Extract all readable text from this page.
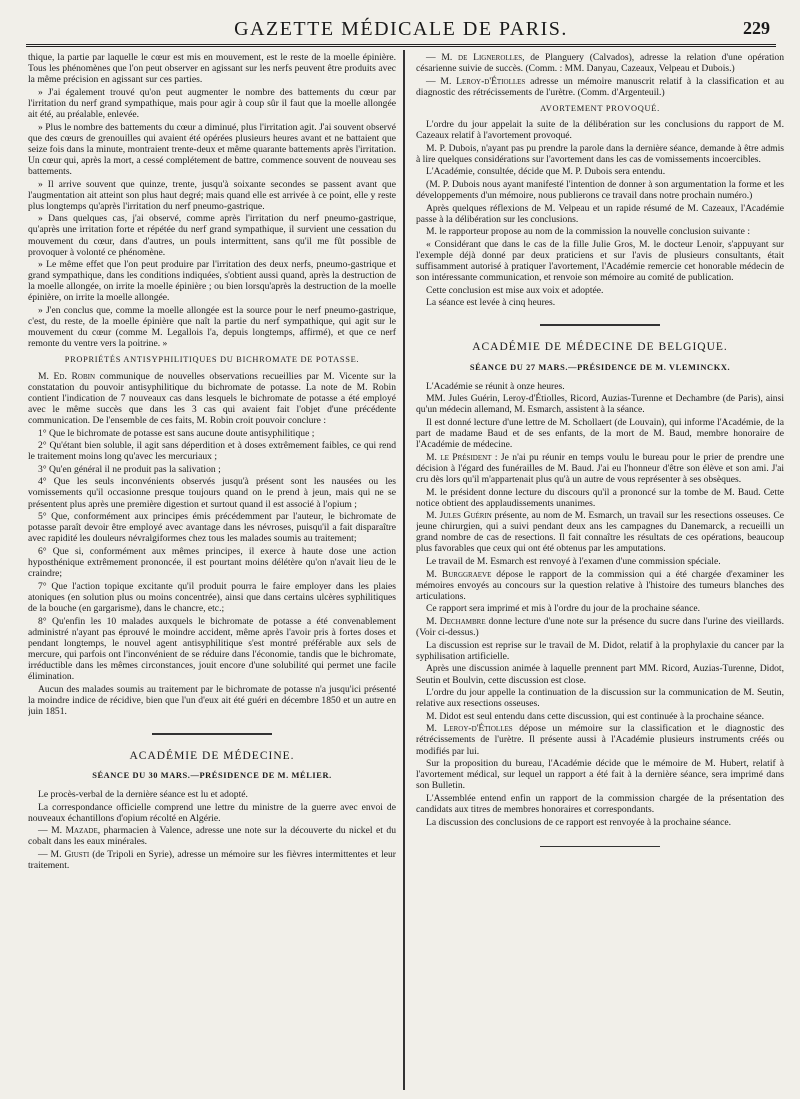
GAZETTE MÉDICALE DE PARIS.	229

thique, la partie par laquelle le cœur est mis en mouvement, est le reste de la moelle épinière. Tous les phénomènes que l'on peut observer en agissant sur les nerfs peuvent être produits avec la même précision en agissant sur ces parties.

» J'ai également trouvé qu'on peut augmenter le nombre des battements du cœur par l'irritation du nerf grand sympathique, mais pour agir à coup sûr il faut que la moelle allongée ait été, au préalable, enlevée.

» Plus le nombre des battements du cœur a diminué, plus l'irritation agit. J'ai souvent observé que des cœurs de grenouilles qui avaient été opérées plusieurs heures avant et ne battaient que seize fois dans la minute, montraient trente-deux et même quarante battements après l'irritation. Un cœur qui, après la mort, a cessé complétement de battre, commence souvent de nouveau ses battements.

» Il arrive souvent que quinze, trente, jusqu'à soixante secondes se passent avant que l'augmentation ait atteint son plus haut degré; mais quand elle est arrivée à ce point, elle y reste plus longtemps qu'après l'irritation du nerf pneumo-gastrique.

» Dans quelques cas, j'ai observé, comme après l'irritation du nerf pneumo-gastrique, qu'après une irritation forte et répétée du nerf grand sympathique, il survient une cessation du mouvement du cœur, dans d'autres, un pouls intermittent, sans qu'il me fût possible de provoquer à volonté ce phénomène.

» Le même effet que l'on peut produire par l'irritation des deux nerfs, pneumo-gastrique et grand sympathique, dans les conditions indiquées, s'obtient aussi quand, après la destruction de la moelle allongée, on irrite la moelle épinière ; ou bien lorsqu'après la destruction de la moelle épinière, on irrite la moelle allongée.

» J'en conclus que, comme la moelle allongée est la source pour le nerf pneumo-gastrique, c'est, du reste, de la moelle épinière que naît la partie du nerf sympathique, qui agit sur le mouvement du cœur (comme M. Legallois l'a, depuis longtemps, affirmé), et que ce nerf remonte du ventre vers la poitrine. »

PROPRIÉTÉS ANTISYPHILITIQUES DU BICHROMATE DE POTASSE.

M. Ed. Robin communique de nouvelles observations recueillies par M. Vicente sur la constatation du pouvoir antisyphilitique du bichromate de potasse. La note de M. Robin contient l'indication de 7 nouveaux cas dans lesquels le bichromate de potasse a été employé avec le même succès que dans les 3 cas qui avaient fait l'objet d'une précédente communication. De l'ensemble de ces faits, M. Robin croit pouvoir conclure :

1° Que le bichromate de potasse est sans aucune doute antisyphilitique ;

2° Qu'étant bien soluble, il agit sans déperdition et à doses extrêmement faibles, ce qui rend le traitement moins long qu'avec les mercuriaux ;

3° Qu'en général il ne produit pas la salivation ;

4° Que les seuls inconvénients observés jusqu'à présent sont les nausées ou les vomissements qu'il occasionne presque toujours quand on le prend à jeun, mais qui ne se présentent plus après une première digestion et surtout quand il est associé à l'opium ;

5° Que, conformément aux principes émis précédemment par l'auteur, le bichromate de potasse paraît devoir être employé avec avantage dans les névroses, puisqu'il a fait disparaître avec rapidité les douleurs névralgiformes chez tous les malades soumis au traitement;

6° Que si, conformément aux mêmes principes, il exerce à haute dose une action hyposthénique extrêmement prononcée, il est pourtant moins délétère qu'on n'avait lieu de le craindre;

7° Que l'action topique excitante qu'il produit pourra le faire employer dans les plaies atoniques (en solution plus ou moins concentrée), ainsi que dans certains ulcères syphilitiques de la bouche (en gargarisme), dans le chancre, etc.;

8° Qu'enfin les 10 malades auxquels le bichromate de potasse a été convenablement administré n'ayant pas éprouvé le moindre accident, même après l'avoir pris à fortes doses et pendant longtemps, le nouvel agent antisyphilitique s'est montré préférable aux sels de mercure, qui parfois ont l'inconvénient de se réduire dans l'économie, tandis que le bichromate, irréductible dans les mêmes circonstances, jouit encore d'une solubilité qui permet une facile élimination.

Aucun des malades soumis au traitement par le bichromate de potasse n'a jusqu'ici présenté la moindre indice de récidive, bien que l'un d'eux ait été guéri en décembre 1850 et un autre en juin 1851.

ACADÉMIE DE MÉDECINE.
SÉANCE DU 30 MARS.—PRÉSIDENCE DE M. MÉLIER.

Le procès-verbal de la dernière séance est lu et adopté.

La correspondance officielle comprend une lettre du ministre de la guerre avec envoi de nouveaux échantillons d'opium récolté en Algérie.

— M. Mazade, pharmacien à Valence, adresse une note sur la découverte du nickel et du cobalt dans les eaux minérales.

— M. Giusti (de Tripoli en Syrie), adresse un mémoire sur les fièvres intermittentes et leur traitement.

— M. de Lignerolles, de Planguery (Calvados), adresse la relation d'une opération césarienne suivie de succès. (Comm. : MM. Danyau, Cazeaux, Velpeau et Dubois.)

— M. Leroy-d'Étiolles adresse un mémoire manuscrit relatif à la classification et au diagnostic des rétrécissements de l'urètre. (Comm. d'Argenteuil.)

AVORTEMENT PROVOQUÉ.

L'ordre du jour appelait la suite de la délibération sur les conclusions du rapport de M. Cazeaux relatif à l'avortement provoqué.

M. P. Dubois, n'ayant pas pu prendre la parole dans la dernière séance, demande à être admis à lire quelques considérations sur l'avortement dans les cas de vomissements incoercibles.

L'Académie, consultée, décide que M. P. Dubois sera entendu.

(M. P. Dubois nous ayant manifesté l'intention de donner à son argumentation la forme et les développements d'un mémoire, nous publierons ce travail dans notre prochain numéro.)

Après quelques réflexions de M. Velpeau et un rapide résumé de M. Cazeaux, l'Académie passe à la délibération sur les conclusions.

M. le rapporteur propose au nom de la commission la nouvelle conclusion suivante :

« Considérant que dans le cas de la fille Julie Gros, M. le docteur Lenoir, s'appuyant sur l'exemple déjà donné par deux praticiens et sur l'avis de plusieurs consultants, était suffisamment autorisé à pratiquer l'avortement, l'Académie remercie cet honorable médecin de son intéressante communication, et renvoie son mémoire au comité de publication.

Cette conclusion est mise aux voix et adoptée.

La séance est levée à cinq heures.

ACADÉMIE DE MÉDECINE DE BELGIQUE.
SÉANCE DU 27 MARS.—PRÉSIDENCE DE M. VLEMINCKX.

L'Académie se réunit à onze heures.

MM. Jules Guérin, Leroy-d'Étiolles, Ricord, Auzias-Turenne et Dechambre (de Paris), ainsi qu'un médecin allemand, M. Esmarch, assistent à la séance.

Il est donné lecture d'une lettre de M. Schollaert (de Louvain), qui informe l'Académie, de la part de madame Baud et de ses enfants, de la mort de M. Baud, membre honoraire de l'Académie de médecine.

M. le Président : Je n'ai pu réunir en temps voulu le bureau pour le prier de prendre une décision à l'égard des funérailles de M. Baud. J'ai eu l'honneur d'être son élève et son ami. J'ai cru dès lors qu'il m'appartenait plus qu'à un autre de vous représenter à ses obsèques.

M. le président donne lecture du discours qu'il a prononcé sur la tombe de M. Baud. Cette notice obtient des applaudissements unanimes.

M. Jules Guérin présente, au nom de M. Esmarch, un travail sur les resections osseuses. Ce jeune chirurgien, qui a suivi pendant deux ans les campagnes du Danemarck, a recueilli un grand nombre de cas de resections. Il fait connaître les résultats de ces opérations, beaucoup plus favorables que ceux qui ont été obtenus par les amputations.

Le travail de M. Esmarch est renvoyé à l'examen d'une commission spéciale.

M. Burggraeve dépose le rapport de la commission qui a été chargée d'examiner les mémoires envoyés au concours sur la question relative à l'histoire des tumeurs blanches des articulations.

Ce rapport sera imprimé et mis à l'ordre du jour de la prochaine séance.

M. Dechambre donne lecture d'une note sur la présence du sucre dans l'urine des vieillards. (Voir ci-dessus.)

La discussion est reprise sur le travail de M. Didot, relatif à la prophylaxie du cancer par la syphilisation artificielle.

Après une discussion animée à laquelle prennent part MM. Ricord, Auzias-Turenne, Didot, Seutin et Boulvin, cette discussion est close.

L'ordre du jour appelle la continuation de la discussion sur la communication de M. Seutin, relative aux resections osseuses.

M. Didot est seul entendu dans cette discussion, qui est continuée à la prochaine séance.

M. Leroy-d'Étiolles dépose un mémoire sur la classification et le diagnostic des rétrécissements de l'urètre. Il présente aussi à l'Académie plusieurs instruments créés ou modifiés par lui.

Sur la proposition du bureau, l'Académie décide que le mémoire de M. Hubert, relatif à l'avortement médical, sur lequel un rapport a été fait à la dernière séance, sera imprimé dans son Bulletin.

L'Assemblée entend enfin un rapport de la commission chargée de la présentation des candidats aux titres de membres honoraires et correspondants.

La discussion des conclusions de ce rapport est renvoyée à la prochaine séance.
